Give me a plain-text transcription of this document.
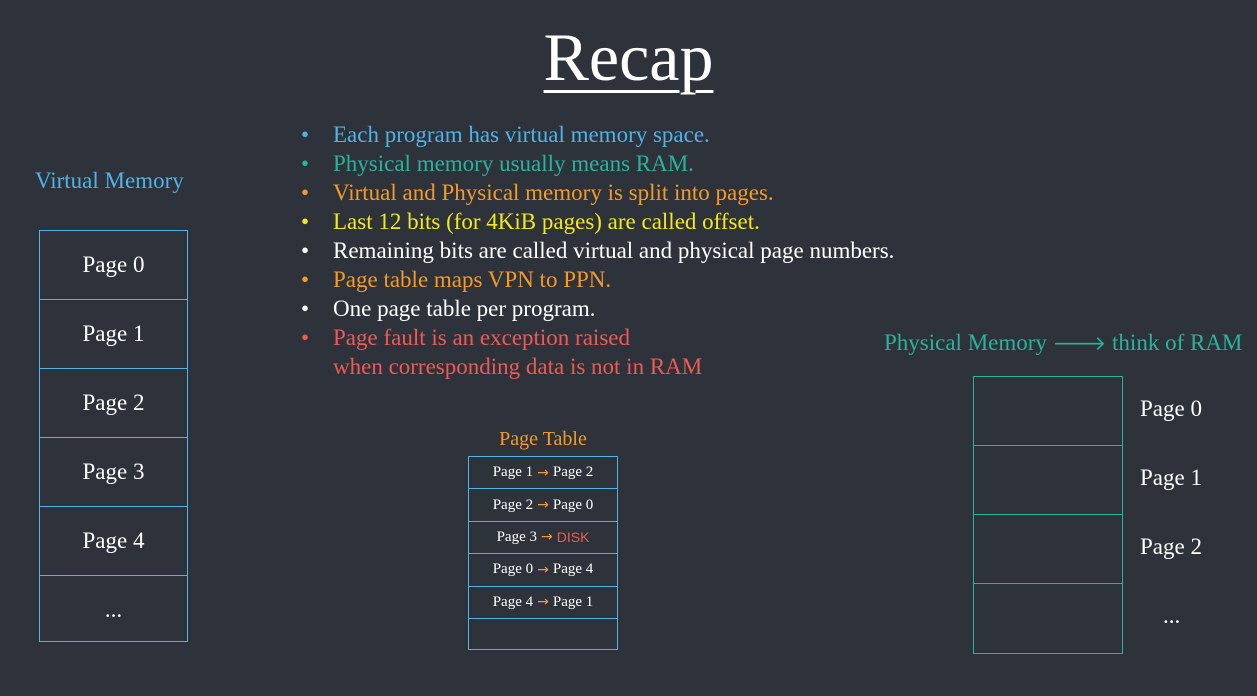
Recap
• Each program has virtual memory space.
• Physical memory usually means RAM.
• Virtual and Physical memory is split into pages.
• Last 12 bits (for 4KiB pages) are called offset.
• Remaining bits are called virtual and physical page numbers.
• Page table maps VPN to PPN.
• One page table per program.
• Page fault is an exception raised
when corresponding data is not in RAM
Virtual Memory
Page 0
Page 1
Page 2
Page 3
Page 4
...
Page Table
Page 1 → Page 2
Page 2 → Page 0
Page 3 → DISK
Page 0 → Page 4
Page 4 → Page 1
Physical Memory 🡒 think of RAM
Page 0
Page 1
Page 2
...
